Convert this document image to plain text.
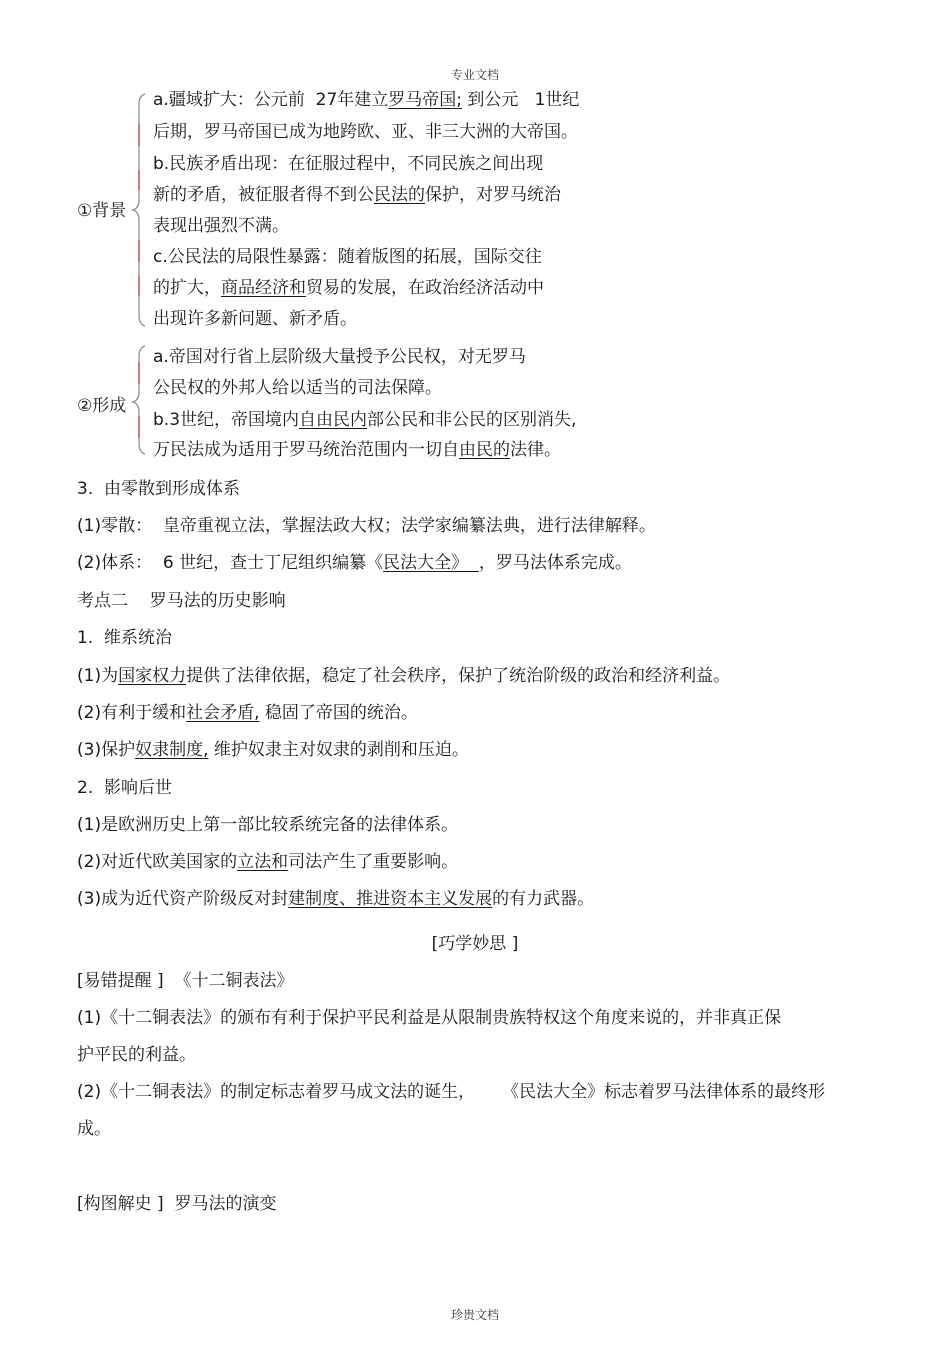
专业文档
①背景
a.疆域扩大：公元前  27年建立罗马帝国; 到公元   1世纪
后期，罗马帝国已成为地跨欧、亚、非三大洲的大帝国。
b.民族矛盾出现：在征服过程中，不同民族之间出现
新的矛盾，被征服者得不到公民法的保护，对罗马统治
表现出强烈不满。
c.公民法的局限性暴露：随着版图的拓展，国际交往
的扩大，商品经济和贸易的发展，在政治经济活动中
出现许多新问题、新矛盾。
②形成
a.帝国对行省上层阶级大量授予公民权，对无罗马
公民权的外邦人给以适当的司法保障。
b.3世纪，帝国境内自由民内部公民和非公民的区别消失,
万民法成为适用于罗马统治范围内一切自由民的法律。
3.  由零散到形成体系
(1)零散：  皇帝重视立法，掌握法政大权；法学家编纂法典，进行法律解释。
(2)体系：  6 世纪，查士丁尼组织编纂《民法大全》  ，罗马法体系完成。
考点二    罗马法的历史影响
1.  维系统治
(1)为国家权力提供了法律依据，稳定了社会秩序，保护了统治阶级的政治和经济利益。
(2)有利于缓和社会矛盾, 稳固了帝国的统治。
(3)保护奴隶制度, 维护奴隶主对奴隶的剥削和压迫。
2.  影响后世
(1)是欧洲历史上第一部比较系统完备的法律体系。
(2)对近代欧美国家的立法和司法产生了重要影响。
(3)成为近代资产阶级反对封建制度、推进资本主义发展的有力武器。
[巧学妙思 ]
[易错提醒 ]  《十二铜表法》
(1)《十二铜表法》的颁布有利于保护平民利益是从限制贵族特权这个角度来说的，并非真正保
护平民的利益。
(2)《十二铜表法》的制定标志着罗马成文法的诞生，     《民法大全》标志着罗马法律体系的最终形
成。
[构图解史 ]  罗马法的演变
珍贵文档
